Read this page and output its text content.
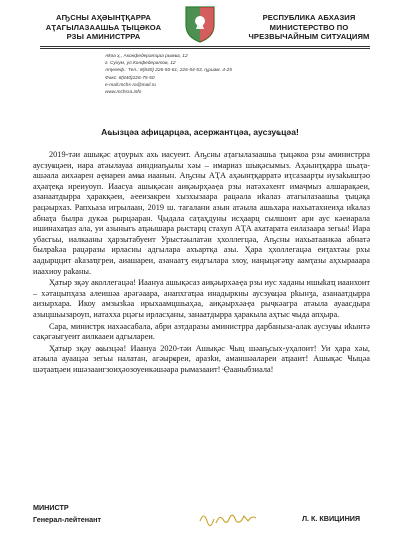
АҦСНЫ АҲӘЫНҬҚАРРА
АҬАГЫЛАЗААШЬА ҬЫЦӘКОА
РЗЫ АМИНИСТРРА
РЕСПУБЛИКА АБХАЗИЯ
МИНИСТЕРСТВО ПО
ЧРЕЗВЫЧАЙНЫМ СИТУАЦИЯМ
Аҟәа ҳ., Аконфедератцаа рымҩа, 12
г. Сухум, ул.Конфедератов, 12
Аҭелеф.: Тел.: 8(840) 226-50-61, 226-54-53, ҧриам. 4-25
Факс: 8(840)226-75-50
e-mail:mchs-ra@mail.ru
www.mchsra.info
Аҩызцәа афицарцәа, асержантцәа, аусзуҩцәа!

2019-тәи ашықәс аҭоурых ахь иасуеит. Аҧсны аҭагылазаашьа ҭыцәкоа рзы аминистрра аусзуҩцәеи, иара атәылауаа аиндиаҧылы хәы – имариаз шықәсымыз. Аҳәынҭқарра шьаҭа-ашәала аихәарен аҿиареи амҩа иаанын. Аҧсны АҬА аҳәынҭқарратә иҭсазаарҭы иузаҟышҭәо аҳәаҭеқа иреиуоуп. Иаасуа ашықәсан аиқәырҳәаҿа рзы иатәхәхент имаҷмыз алшарақәеи, азанаатдырра ҳаракқәеи, аҽеизакреи хызхызаара рацәала иҟалаз атагылазаашьа ҭыцәқа рацәырхаз. Рапхьаза игрылаан, 2019 ш. тагалани азын атәыла ашьхара иахьатахнеиҳа иҟалаз абнаҭа былра дукәа рырцәаран. Ҷыдала саҭаҳдуны исҳаарц сылшоит ари аус кәеиарала ишинахаҵаз ала, уи азыныгь аҵәышара рыстарц стахуп АҬА ахатарата еилазаара зегьы! Иара убасгьы, иалкааны ҳарзытабуеит Урыстәылатәи ҳхоллегцәа, Аҧсны иахьатаанкәа абнатә былраҟәа рацәразы ирласны адгылара ахъартқа азы. Ҳара ҳхоллегацәа еиҭахтәы рхы аадырццит аҟазаҵгреи, аиашареи, азанаатӡ еидгылара злоу, иаңыцәгәҵу аамҭазы аҳхырааара иаахиоу раҟаны.

Ҳатыр зқәу аколлегацәа! Иаануа ашықәсаз аиқәырхәаҿа рзы иус хаданы ишыҟаҵ иаанхоит – хәтацыпҳаза алеишәа арәгәаара, анапхгаҵәа инадыркны аусзуҩцәа рҟынӡа, азанаатдырра аизырхара. Икоу амзызҟәа ирыхаамцшьаҳәа, аиқәырхәаҿа рыҷкәагра атәыла ауаасдыра азыцшьызароуп, иатахха рцәгы ирласҳаны, занаатдырра ҳаракыла аҳтыс ҹыда апҳыра.

Сара, министрк иахәасабала, абри азтдаразы аминистрра дарбаныза-алак аусзуҩы иҟынтә сақәгәыгуеит аилкааеи адгылареи.

Ҳатыр зқәу аҩызцәа! Иаануа 2020-тәи Ашықәс Ҹыц шәаҧсых-уҳалоит! Уи ҳара хәы, атәыла ауаацәа зегьы налатан, агәырҩреи, аразҟи, аманшәалареи аҵааит! Ашықәс Ҹыцәа шәҭааҵәеи ишәзааигзоиҳәозоуеикәшәара рымазааит! Ҿааныбзиала!

МИНИСТР
Генерал-лейтенант	Л. К. КВИЦИНИЯ
